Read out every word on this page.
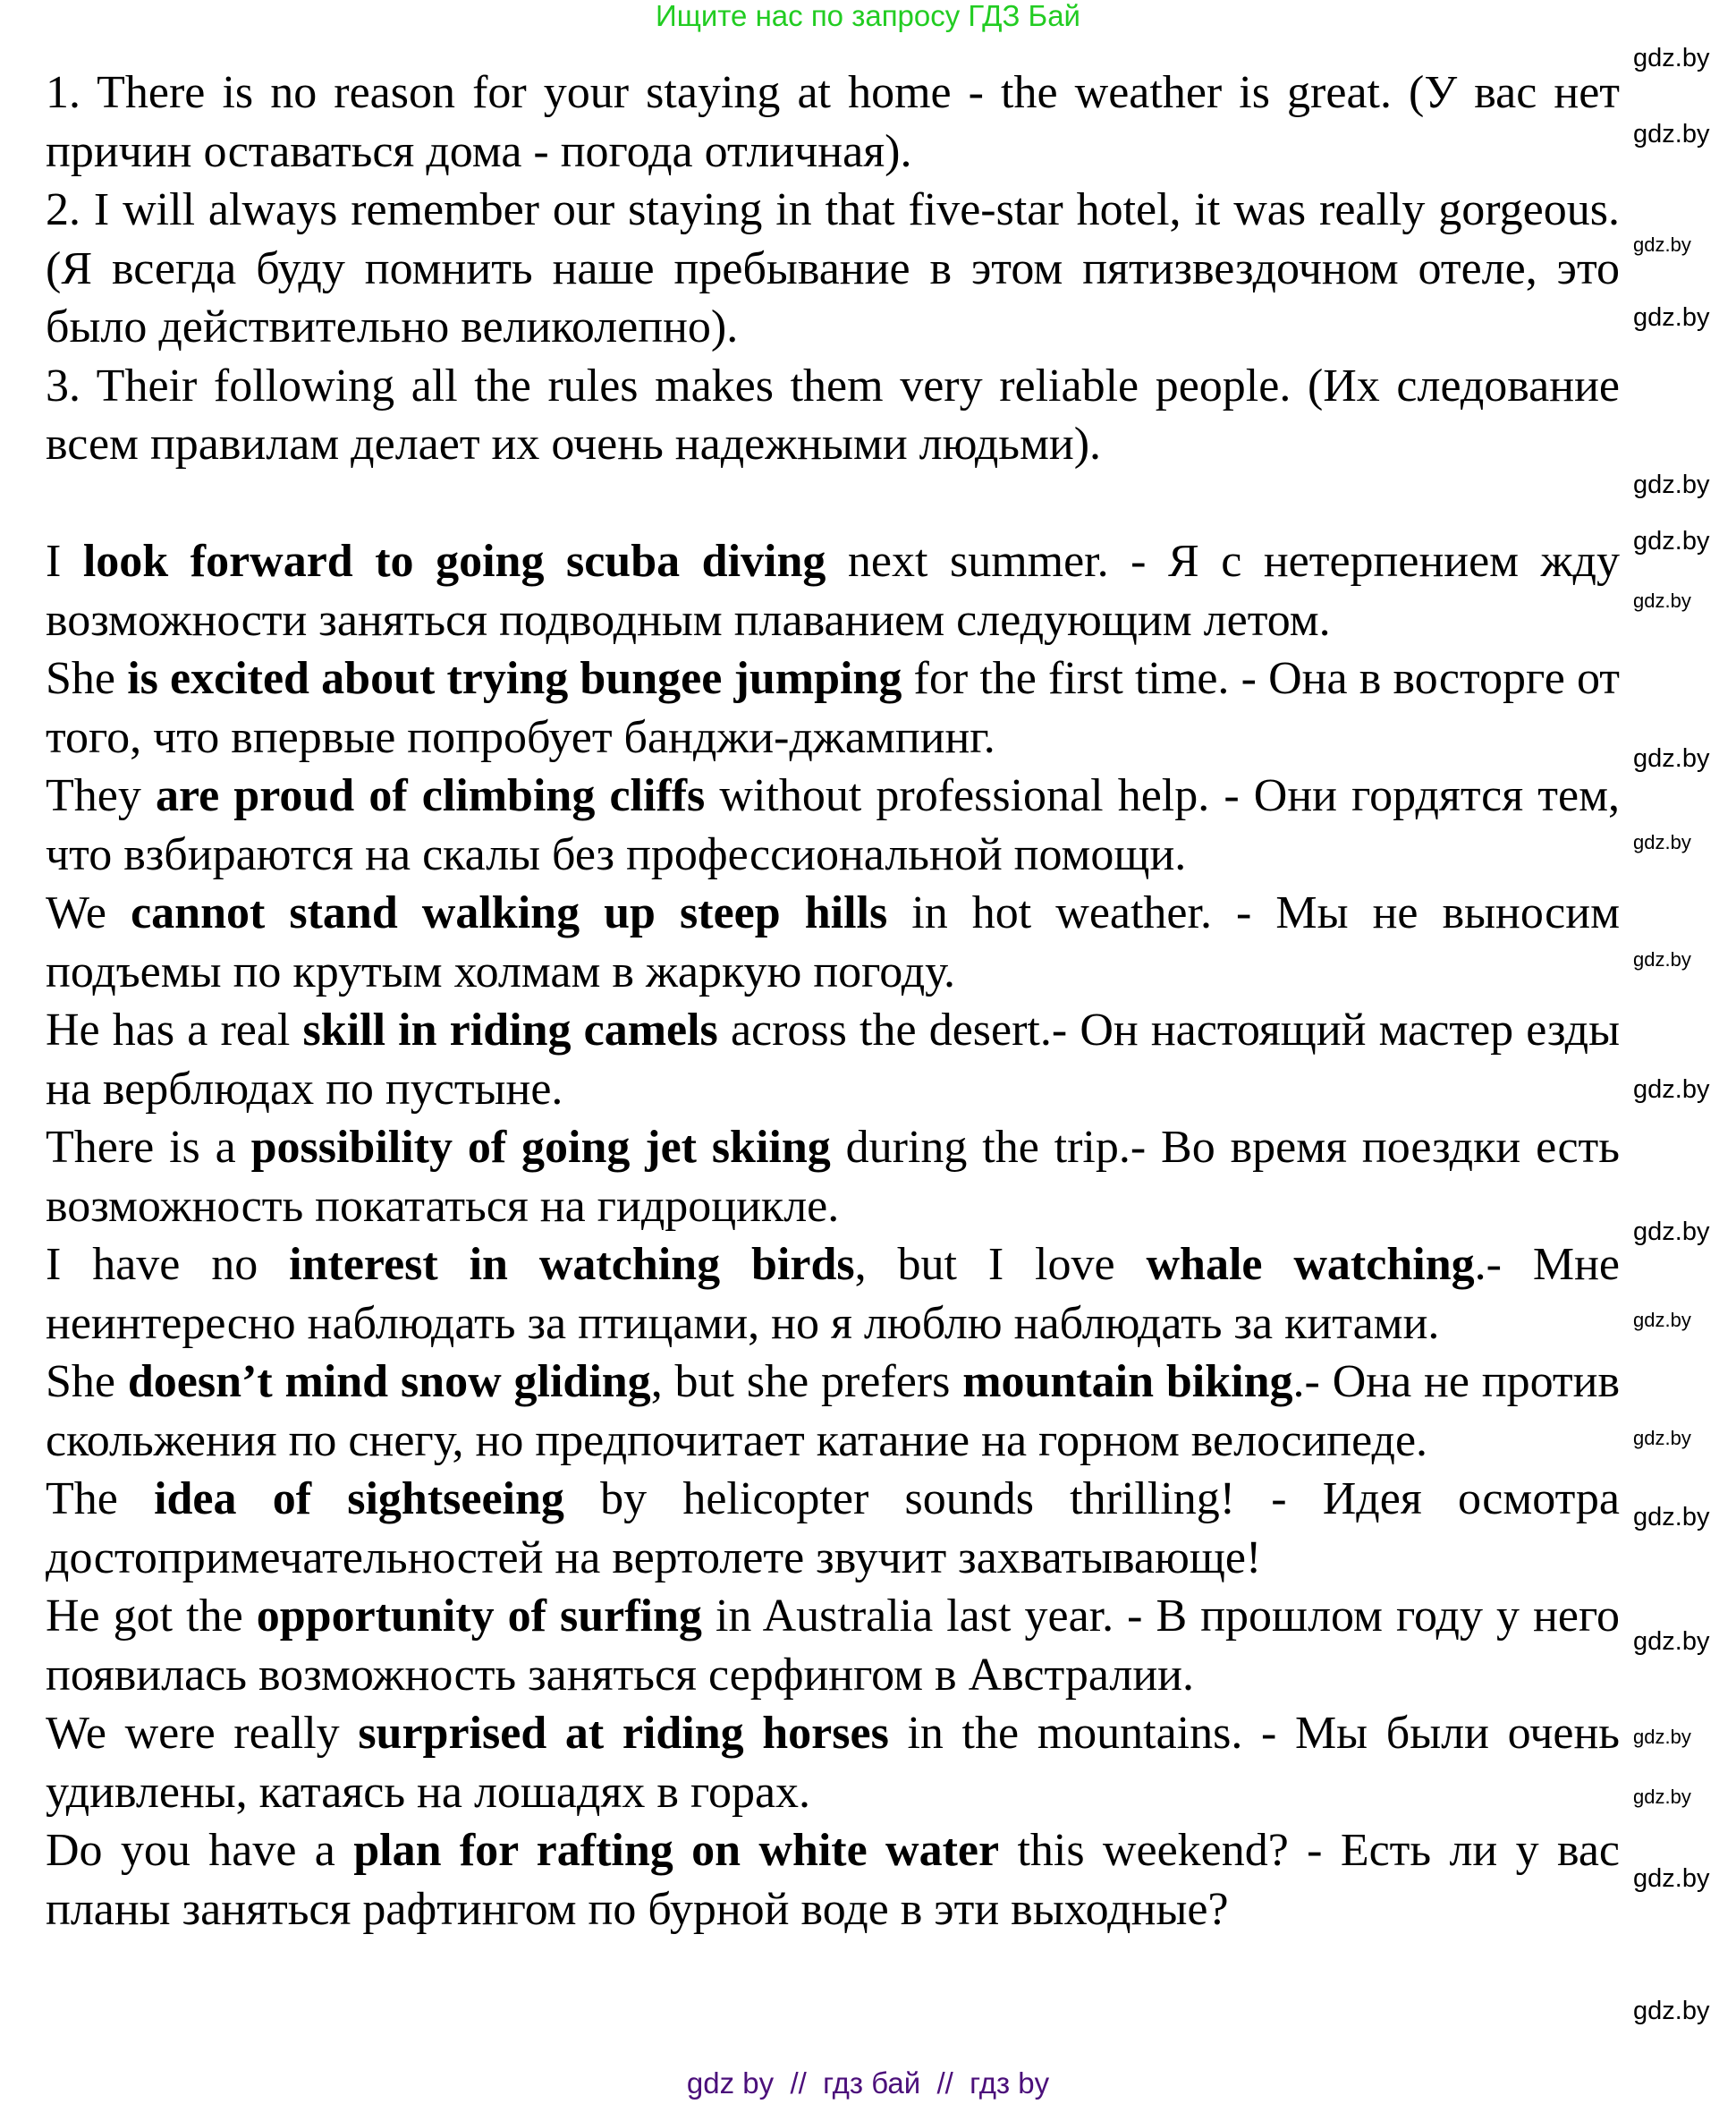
Ищите нас по запросу ГДЗ Бай

1. There is no reason for your staying at home - the weather is great. (У вас нет причин оставаться дома - погода отличная).

2. I will always remember our staying in that five-star hotel, it was really gorgeous. (Я всегда буду помнить наше пребывание в этом пятизвездочном отеле, это было действительно великолепно).

3. Their following all the rules makes them very reliable people. (Их следование всем правилам делает их очень надежными людьми).

I look forward to going scuba diving next summer. - Я с нетерпением жду возможности заняться подводным плаванием следующим летом.

She is excited about trying bungee jumping for the first time. - Она в восторге от того, что впервые попробует банджи-джампинг.

They are proud of climbing cliffs without professional help. - Они гордятся тем, что взбираются на скалы без профессиональной помощи.

We cannot stand walking up steep hills in hot weather. - Мы не выносим подъемы по крутым холмам в жаркую погоду.

He has a real skill in riding camels across the desert.- Он настоящий мастер езды на верблюдах по пустыне.

There is a possibility of going jet skiing during the trip.- Во время поездки есть возможность покататься на гидроцикле.

I have no interest in watching birds, but I love whale watching.- Мне неинтересно наблюдать за птицами, но я люблю наблюдать за китами.

She doesn’t mind snow gliding, but she prefers mountain biking.- Она не против скольжения по снегу, но предпочитает катание на горном велосипеде.

The idea of sightseeing by helicopter sounds thrilling! - Идея осмотра достопримечательностей на вертолете звучит захватывающе!

He got the opportunity of surfing in Australia last year. - В прошлом году у него появилась возможность заняться серфингом в Австралии.

We were really surprised at riding horses in the mountains. - Мы были очень удивлены, катаясь на лошадях в горах.

Do you have a plan for rafting on white water this weekend? - Есть ли у вас планы заняться рафтингом по бурной воде в эти выходные?

gdz.by
gdz.by
gdz.by
gdz.by
gdz.by
gdz.by
gdz.by
gdz.by
gdz.by
gdz.by
gdz.by
gdz.by
gdz.by
gdz.by
gdz.by
gdz.by
gdz.by
gdz.by
gdz.by
gdz.by
gdz by  //  гдз бай  //  гдз by
